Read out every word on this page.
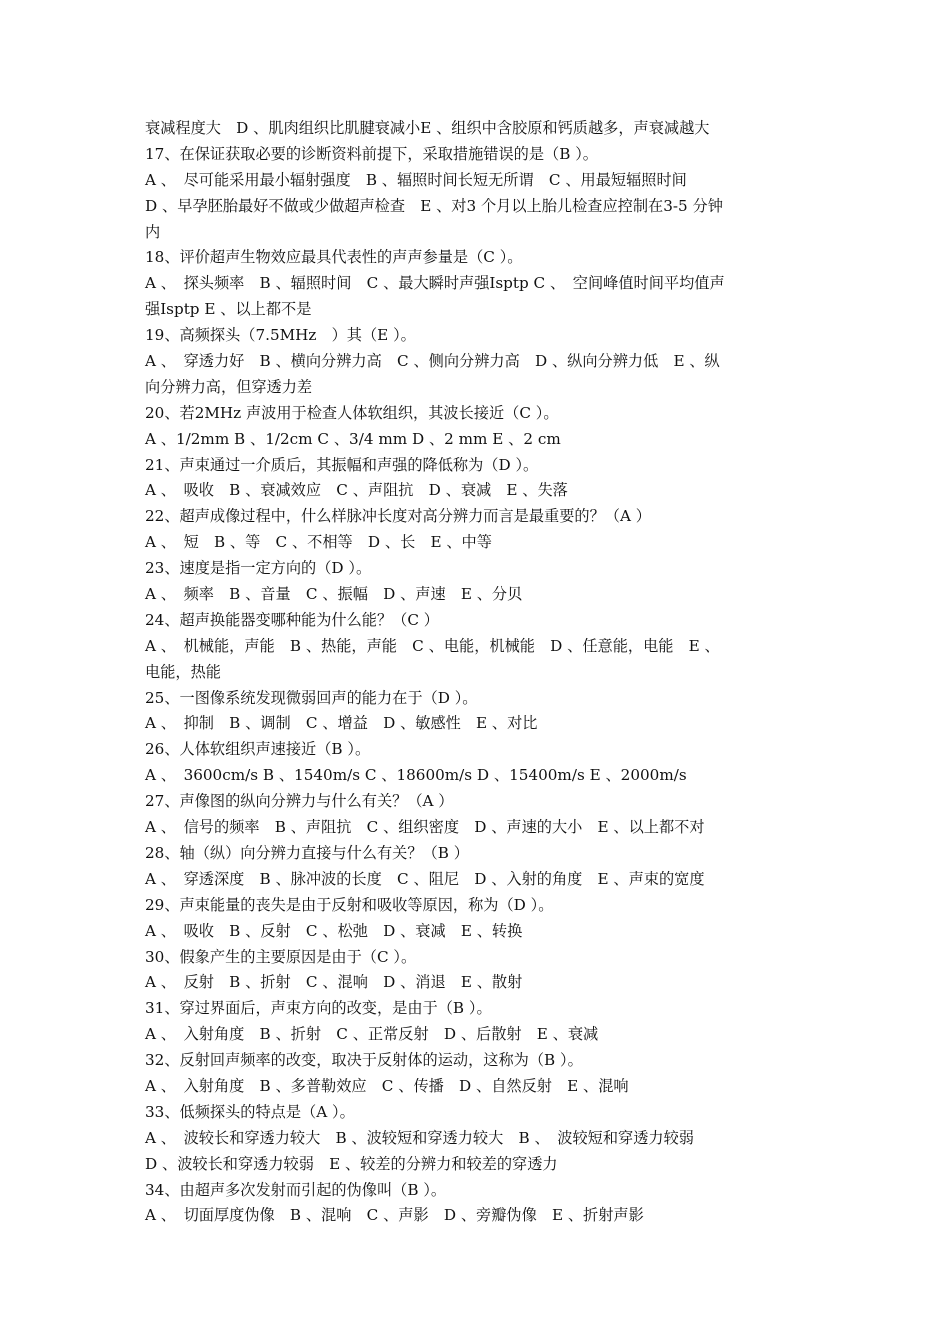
衰减程度大　D 、肌肉组织比肌腱衰减小E 、组织中含胶原和钙质越多，声衰减越大
17、在保证获取必要的诊断资料前提下，采取措施错误的是（B ）。
A 、　尽可能采用最小辐射强度　B 、辐照时间长短无所谓　C 、用最短辐照时间
D 、早孕胚胎最好不做或少做超声检查　E 、对3 个月以上胎儿检查应控制在3-5 分钟
内
18、评价超声生物效应最具代表性的声声参量是（C ）。
A 、　探头频率　B 、辐照时间　C 、最大瞬时声强Isptp C 、　空间峰值时间平均值声
强Isptp E 、以上都不是
19、高频探头（7.5MHz　）其（E ）。
A 、　穿透力好　B 、横向分辨力高　C 、侧向分辨力高　D 、纵向分辨力低　E 、纵
向分辨力高，但穿透力差
20、若2MHz 声波用于检查人体软组织，其波长接近（C ）。
A 、1/2mm B 、1/2cm C 、3/4 mm D 、2 mm E 、2 cm
21、声束通过一介质后，其振幅和声强的降低称为（D ）。
A 、　吸收　B 、衰减效应　C 、声阻抗　D 、衰减　E 、失落
22、超声成像过程中，什么样脉冲长度对高分辨力而言是最重要的？（A ）
A 、　短　B 、等　C 、不相等　D 、长　E 、中等
23、速度是指一定方向的（D ）。
A 、　频率　B 、音量　C 、振幅　D 、声速　E 、分贝
24、超声换能器变哪种能为什么能？（C ）
A 、　机械能，声能　B 、热能，声能　C 、电能，机械能　D 、任意能，电能　E 、
电能，热能
25、一图像系统发现微弱回声的能力在于（D ）。
A 、　抑制　B 、调制　C 、增益　D 、敏感性　E 、对比
26、人体软组织声速接近（B ）。
A 、　3600cm/s B 、1540m/s C 、18600m/s D 、15400m/s E 、2000m/s
27、声像图的纵向分辨力与什么有关？（A ）
A 、　信号的频率　B 、声阻抗　C 、组织密度　D 、声速的大小　E 、以上都不对
28、轴（纵）向分辨力直接与什么有关？（B ）
A 、　穿透深度　B 、脉冲波的长度　C 、阻尼　D 、入射的角度　E 、声束的宽度
29、声束能量的丧失是由于反射和吸收等原因，称为（D ）。
A 、　吸收　B 、反射　C 、松弛　D 、衰减　E 、转换
30、假象产生的主要原因是由于（C ）。
A 、　反射　B 、折射　C 、混响　D 、消退　E 、散射
31、穿过界面后，声束方向的改变，是由于（B ）。
A 、　入射角度　B 、折射　C 、正常反射　D 、后散射　E 、衰减
32、反射回声频率的改变，取决于反射体的运动，这称为（B ）。
A 、　入射角度　B 、多普勒效应　C 、传播　D 、自然反射　E 、混响
33、低频探头的特点是（A ）。
A 、　波较长和穿透力较大　B 、波较短和穿透力较大　B 、　波较短和穿透力较弱
D 、波较长和穿透力较弱　E 、较差的分辨力和较差的穿透力
34、由超声多次发射而引起的伪像叫（B ）。
A 、　切面厚度伪像　B 、混响　C 、声影　D 、旁瓣伪像　E 、折射声影
